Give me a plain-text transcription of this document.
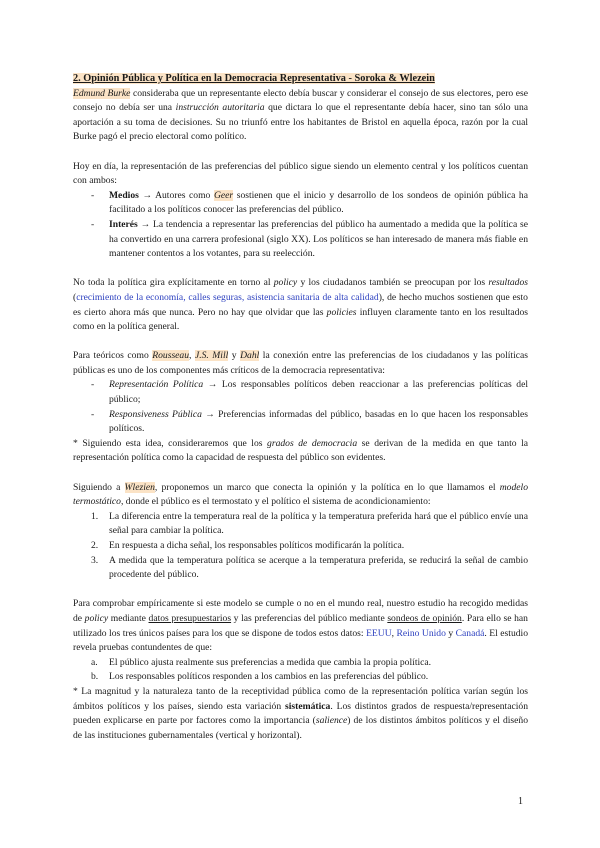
2. Opinión Pública y Política en la Democracia Representativa - Soroka & Wlezein

Edmund Burke consideraba que un representante electo debía buscar y considerar el consejo de sus electores, pero ese consejo no debía ser una instrucción autoritaria que dictara lo que el representante debía hacer, sino tan sólo una aportación a su toma de decisiones. Su no triunfó entre los habitantes de Bristol en aquella época, razón por la cual Burke pagó el precio electoral como político.

Hoy en día, la representación de las preferencias del público sigue siendo un elemento central y los políticos cuentan con ambos:

- Medios → Autores como Geer sostienen que el inicio y desarrollo de los sondeos de opinión pública ha facilitado a los políticos conocer las preferencias del público.
- Interés → La tendencia a representar las preferencias del público ha aumentado a medida que la política se ha convertido en una carrera profesional (siglo XX). Los políticos se han interesado de manera más fiable en mantener contentos a los votantes, para su reelección.

No toda la política gira explícitamente en torno al policy y los ciudadanos también se preocupan por los resultados (crecimiento de la economía, calles seguras, asistencia sanitaria de alta calidad), de hecho muchos sostienen que esto es cierto ahora más que nunca. Pero no hay que olvidar que las policies influyen claramente tanto en los resultados como en la política general.

Para teóricos como Rousseau, J.S. Mill y Dahl la conexión entre las preferencias de los ciudadanos y las políticas públicas es uno de los componentes más críticos de la democracia representativa:

- Representación Política → Los responsables políticos deben reaccionar a las preferencias políticas del público;
- Responsiveness Pública → Preferencias informadas del público, basadas en lo que hacen los responsables políticos.

* Siguiendo esta idea, consideraremos que los grados de democracia se derivan de la medida en que tanto la representación política como la capacidad de respuesta del público son evidentes.

Siguiendo a Wlezien, proponemos un marco que conecta la opinión y la política en lo que llamamos el modelo termostático, donde el público es el termostato y el político el sistema de acondicionamiento:

1. La diferencia entre la temperatura real de la política y la temperatura preferida hará que el público envíe una señal para cambiar la política.
2. En respuesta a dicha señal, los responsables políticos modificarán la política.
3. A medida que la temperatura política se acerque a la temperatura preferida, se reducirá la señal de cambio procedente del público.

Para comprobar empíricamente si este modelo se cumple o no en el mundo real, nuestro estudio ha recogido medidas de policy mediante datos presupuestarios y las preferencias del público mediante sondeos de opinión. Para ello se han utilizado los tres únicos países para los que se dispone de todos estos datos: EEUU, Reino Unido y Canadá. El estudio revela pruebas contundentes de que:

a. El público ajusta realmente sus preferencias a medida que cambia la propia política.
b. Los responsables políticos responden a los cambios en las preferencias del público.

* La magnitud y la naturaleza tanto de la receptividad pública como de la representación política varían según los ámbitos políticos y los países, siendo esta variación sistemática. Los distintos grados de respuesta/representación pueden explicarse en parte por factores como la importancia (salience) de los distintos ámbitos políticos y el diseño de las instituciones gubernamentales (vertical y horizontal).

1
